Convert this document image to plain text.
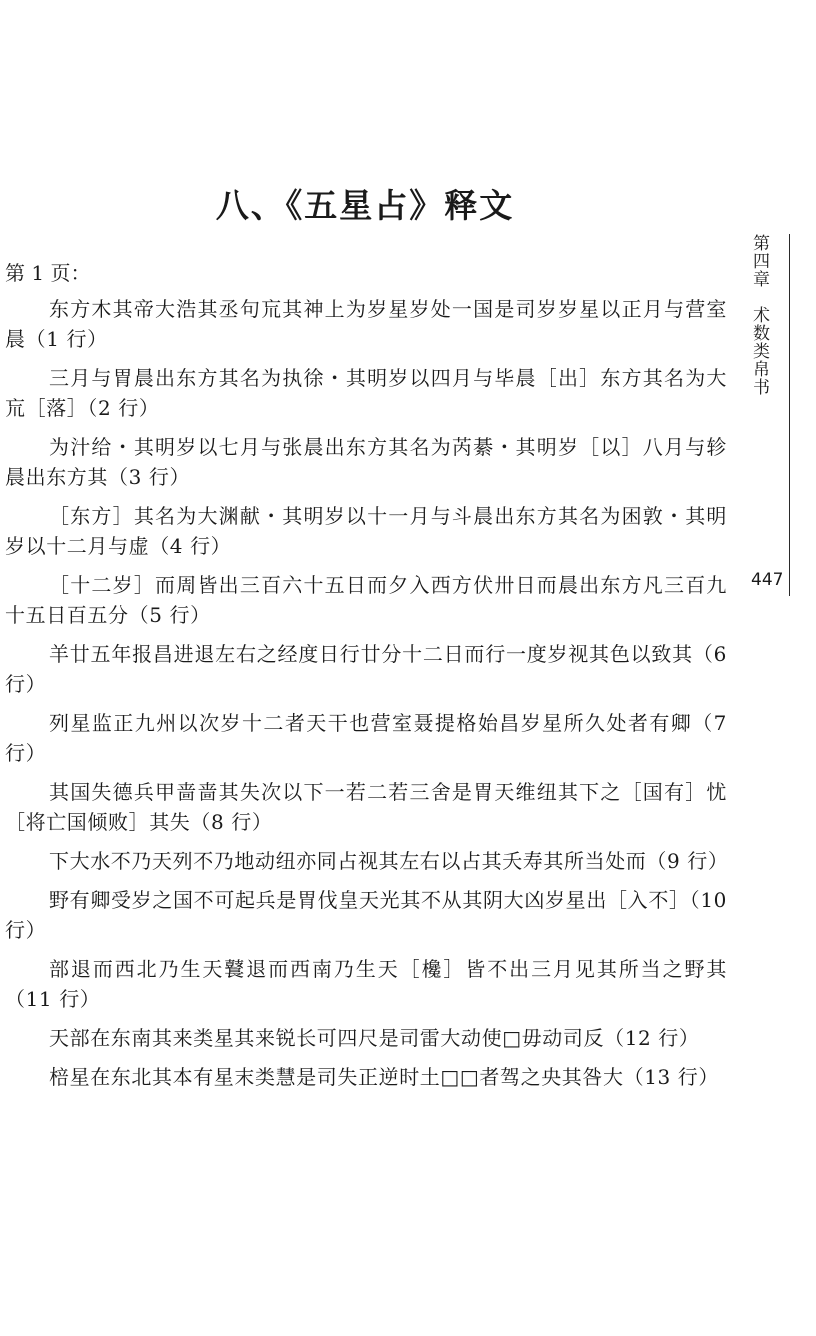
八、《五星占》释文
第四章　术数类帛书
447

第 1 页：

东方木其帝大浩其丞句巟其神上为岁星岁处一国是司岁岁星以正月与营室晨（1 行）

三月与胃晨出东方其名为执徐・其明岁以四月与毕晨［出］东方其名为大巟［落］（2 行）

为汁给・其明岁以七月与张晨出东方其名为芮綦・其明岁［以］八月与轸晨出东方其（3 行）

［东方］其名为大渊献・其明岁以十一月与斗晨出东方其名为困敦・其明岁以十二月与虚（4 行）

［十二岁］而周皆出三百六十五日而夕入西方伏卅日而晨出东方凡三百九十五日百五分（5 行）

羊廿五年报昌进退左右之经度日行廿分十二日而行一度岁视其色以致其（6 行）

列星监正九州以次岁十二者天干也营室聂提格始昌岁星所久处者有卿（7 行）

其国失德兵甲啬啬其失次以下一若二若三舍是胃天维纽其下之［国有］忧［将亡国倾败］其失（8 行）

下大水不乃天列不乃地动纽亦同占视其左右以占其夭寿其所当处而（9 行）

野有卿受岁之国不可起兵是胃伐皇天光其不从其阴大凶岁星出［入不］（10 行）

部退而西北乃生天鼚退而西南乃生天［欃］皆不出三月见其所当之野其（11 行）

天部在东南其来类星其来锐长可四尺是司雷大动使□毋动司反（12 行）

棓星在东北其本有星末类慧是司失正逆时土□□者驾之央其咎大（13 行）
